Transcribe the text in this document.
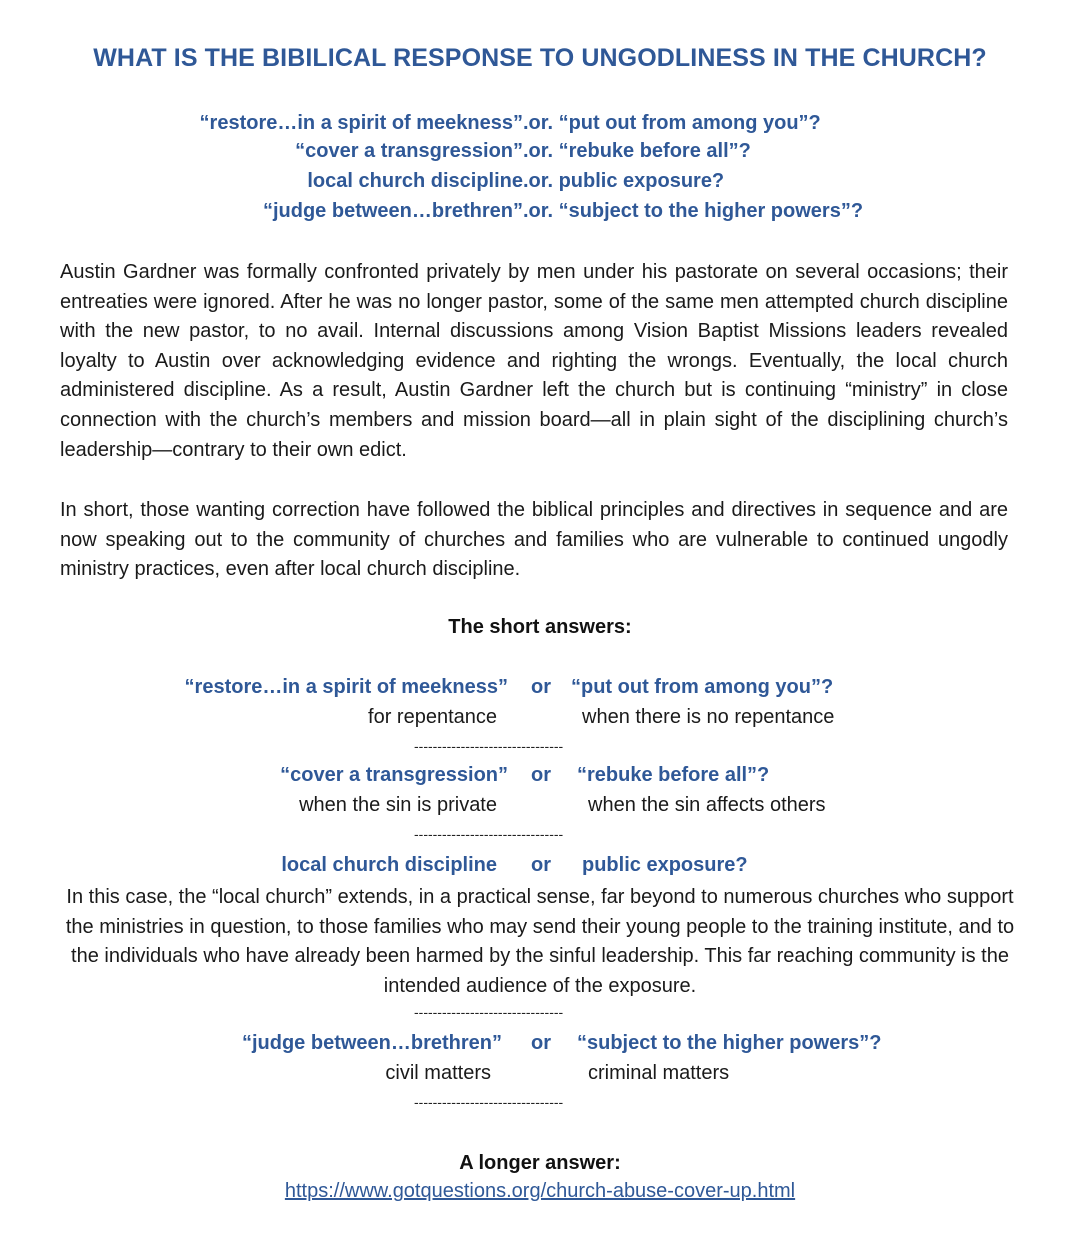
WHAT IS THE BIBILICAL RESPONSE TO UNGODLINESS IN THE CHURCH?
“restore…in a spirit of meekness” .or. “put out from among you”?
“cover a transgression” .or. “rebuke before all”?
local church discipline .or. public exposure?
“judge between…brethren” .or. “subject to the higher powers”?

Austin Gardner was formally confronted privately by men under his pastorate on several occasions; their entreaties were ignored. After he was no longer pastor, some of the same men attempted church discipline with the new pastor, to no avail. Internal discussions among Vision Baptist Missions leaders revealed loyalty to Austin over acknowledging evidence and righting the wrongs. Eventually, the local church administered discipline. As a result, Austin Gardner left the church but is continuing “ministry” in close connection with the church’s members and mission board—all in plain sight of the disciplining church’s leadership—contrary to their own edict.

In short, those wanting correction have followed the biblical principles and directives in sequence and are now speaking out to the community of churches and families who are vulnerable to continued ungodly ministry practices, even after local church discipline.

The short answers:
“restore…in a spirit of meekness” or “put out from among you”?
for repentance	when there is no repentance
--------------------------------
“cover a transgression” or “rebuke before all”?
when the sin is private	when the sin affects others
--------------------------------
local church discipline or public exposure?

In this case, the “local church” extends, in a practical sense, far beyond to numerous churches who support the ministries in question, to those families who may send their young people to the training institute, and to the individuals who have already been harmed by the sinful leadership. This far reaching community is the intended audience of the exposure.

--------------------------------
“judge between…brethren” or “subject to the higher powers”?
civil matters	criminal matters
--------------------------------
A longer answer:
https://www.gotquestions.org/church-abuse-cover-up.html
